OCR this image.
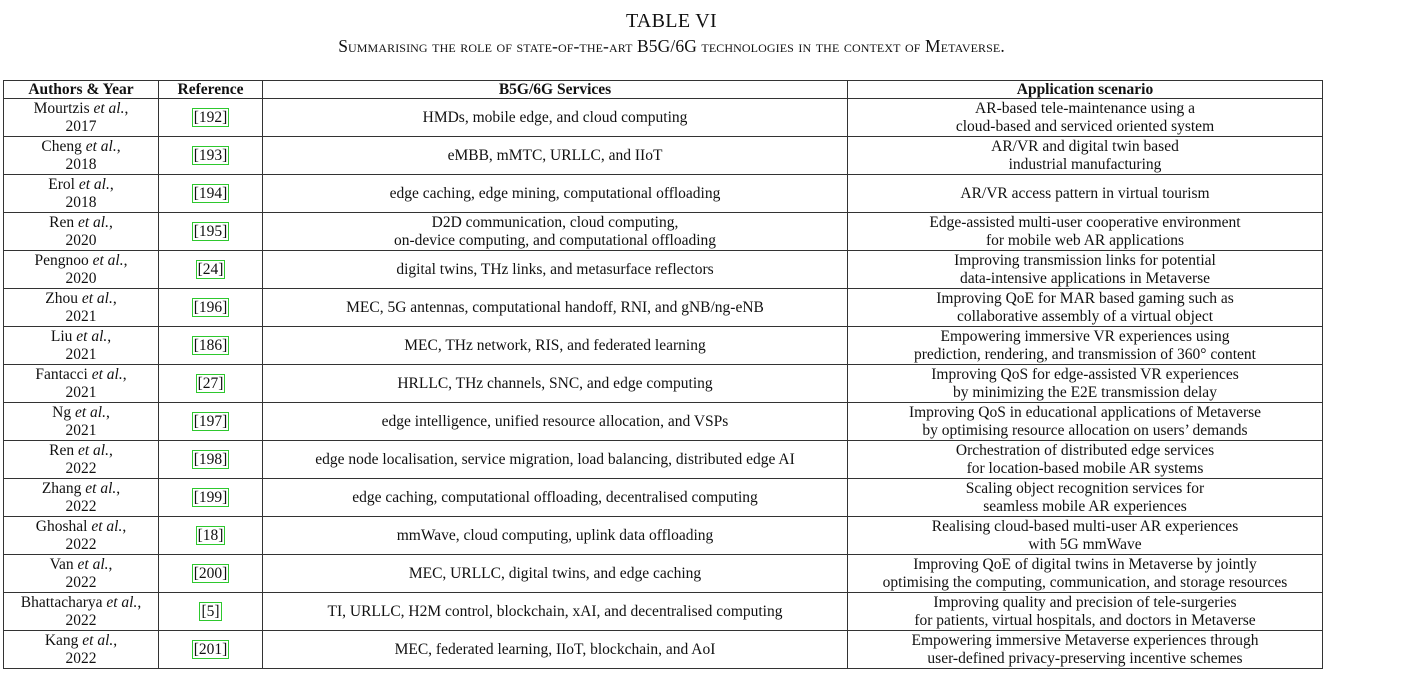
TABLE VI
Summarising the role of state-of-the-art B5G/6G technologies in the context of Metaverse.
Authors & Year	Reference	B5G/6G Services	Application scenario

Mourtzis et al.,
2017	[192]	HMDs, mobile edge, and cloud computing	AR-based tele-maintenance using a
cloud-based and serviced oriented system

Cheng et al.,
2018	[193]	eMBB, mMTC, URLLC, and IIoT	AR/VR and digital twin based
industrial manufacturing

Erol et al.,
2018	[194]	edge caching, edge mining, computational offloading	AR/VR access pattern in virtual tourism

Ren et al.,
2020	[195]	D2D communication, cloud computing,
on-device computing, and computational offloading	Edge-assisted multi-user cooperative environment
for mobile web AR applications

Pengnoo et al.,
2020	[24]	digital twins, THz links, and metasurface reflectors	Improving transmission links for potential
data-intensive applications in Metaverse

Zhou et al.,
2021	[196]	MEC, 5G antennas, computational handoff, RNI, and gNB/ng-eNB	Improving QoE for MAR based gaming such as
collaborative assembly of a virtual object

Liu et al.,
2021	[186]	MEC, THz network, RIS, and federated learning	Empowering immersive VR experiences using
prediction, rendering, and transmission of 360° content

Fantacci et al.,
2021	[27]	HRLLC, THz channels, SNC, and edge computing	Improving QoS for edge-assisted VR experiences
by minimizing the E2E transmission delay

Ng et al.,
2021	[197]	edge intelligence, unified resource allocation, and VSPs	Improving QoS in educational applications of Metaverse
by optimising resource allocation on users’ demands

Ren et al.,
2022	[198]	edge node localisation, service migration, load balancing, distributed edge AI	Orchestration of distributed edge services
for location-based mobile AR systems

Zhang et al.,
2022	[199]	edge caching, computational offloading, decentralised computing	Scaling object recognition services for
seamless mobile AR experiences

Ghoshal et al.,
2022	[18]	mmWave, cloud computing, uplink data offloading	Realising cloud-based multi-user AR experiences
with 5G mmWave

Van et al.,
2022	[200]	MEC, URLLC, digital twins, and edge caching	Improving QoE of digital twins in Metaverse by jointly
optimising the computing, communication, and storage resources

Bhattacharya et al.,
2022	[5]	TI, URLLC, H2M control, blockchain, xAI, and decentralised computing	Improving quality and precision of tele-surgeries
for patients, virtual hospitals, and doctors in Metaverse

Kang et al.,
2022	[201]	MEC, federated learning, IIoT, blockchain, and AoI	Empowering immersive Metaverse experiences through
user-defined privacy-preserving incentive schemes
